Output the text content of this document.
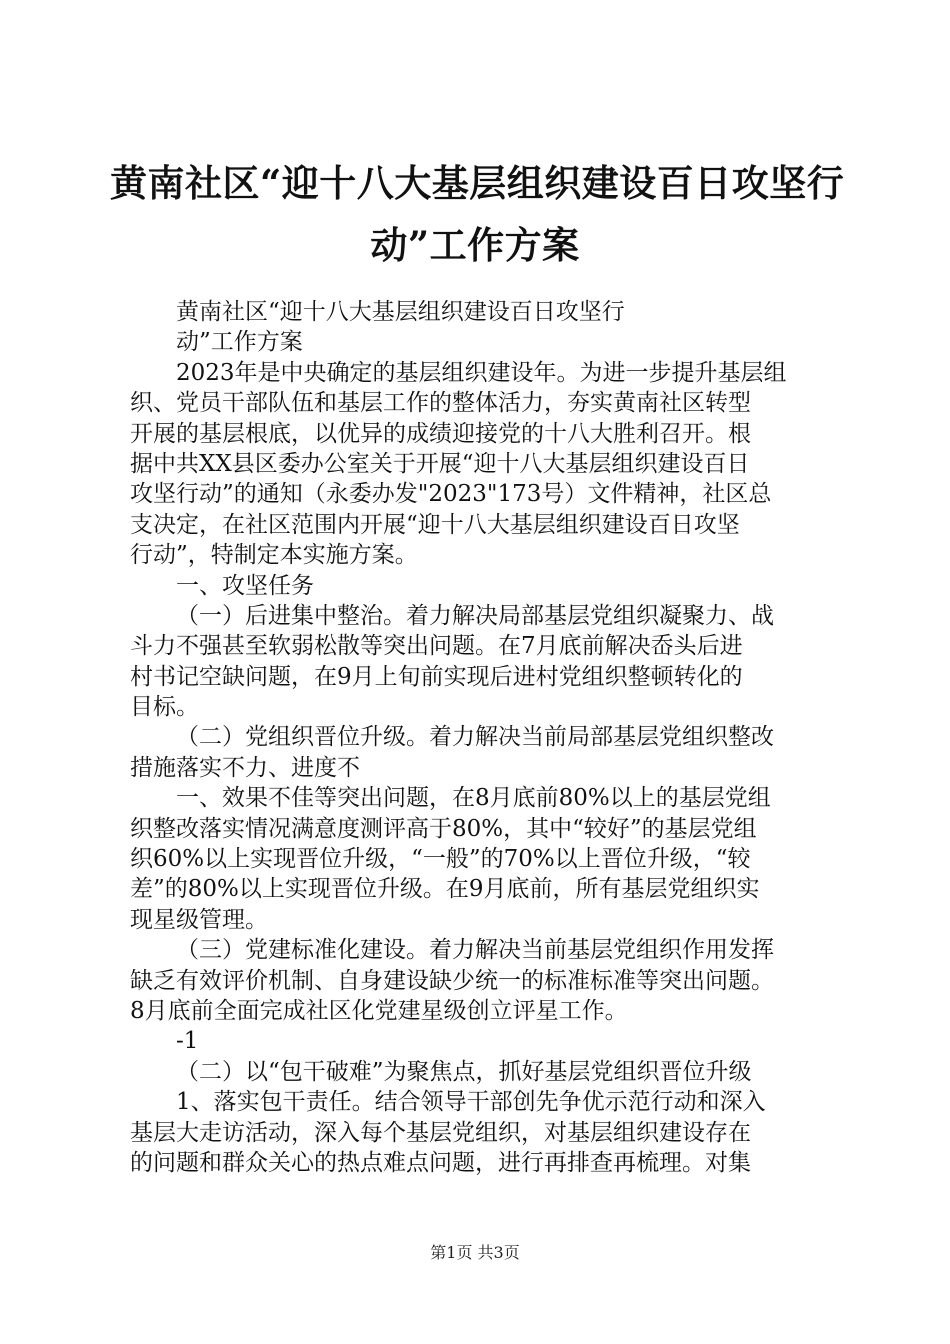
黄南社区“迎十八大基层组织建设百日攻坚行
动”工作方案
黄南社区“迎十八大基层组织建设百日攻坚行
动”工作方案
2023年是中央确定的基层组织建设年。为进一步提升基层组
织、党员干部队伍和基层工作的整体活力，夯实黄南社区转型
开展的基层根底，以优异的成绩迎接党的十八大胜利召开。根
据中共XX县区委办公室关于开展“迎十八大基层组织建设百日
攻坚行动”的通知（永委办发"2023"173号）文件精神，社区总
支决定，在社区范围内开展“迎十八大基层组织建设百日攻坚
行动”，特制定本实施方案。
一、攻坚任务
（一）后进集中整治。着力解决局部基层党组织凝聚力、战
斗力不强甚至软弱松散等突出问题。在7月底前解决岙头后进
村书记空缺问题，在9月上旬前实现后进村党组织整顿转化的
目标。
（二）党组织晋位升级。着力解决当前局部基层党组织整改
措施落实不力、进度不
一、效果不佳等突出问题，在8月底前80%以上的基层党组
织整改落实情况满意度测评高于80%，其中“较好”的基层党组
织60%以上实现晋位升级，“一般”的70%以上晋位升级，“较
差”的80%以上实现晋位升级。在9月底前，所有基层党组织实
现星级管理。
（三）党建标准化建设。着力解决当前基层党组织作用发挥
缺乏有效评价机制、自身建设缺少统一的标准标准等突出问题。
8月底前全面完成社区化党建星级创立评星工作。
-1
（二）以“包干破难”为聚焦点，抓好基层党组织晋位升级
1、落实包干责任。结合领导干部创先争优示范行动和深入
基层大走访活动，深入每个基层党组织，对基层组织建设存在
的问题和群众关心的热点难点问题，进行再排查再梳理。对集
第1页 共3页
